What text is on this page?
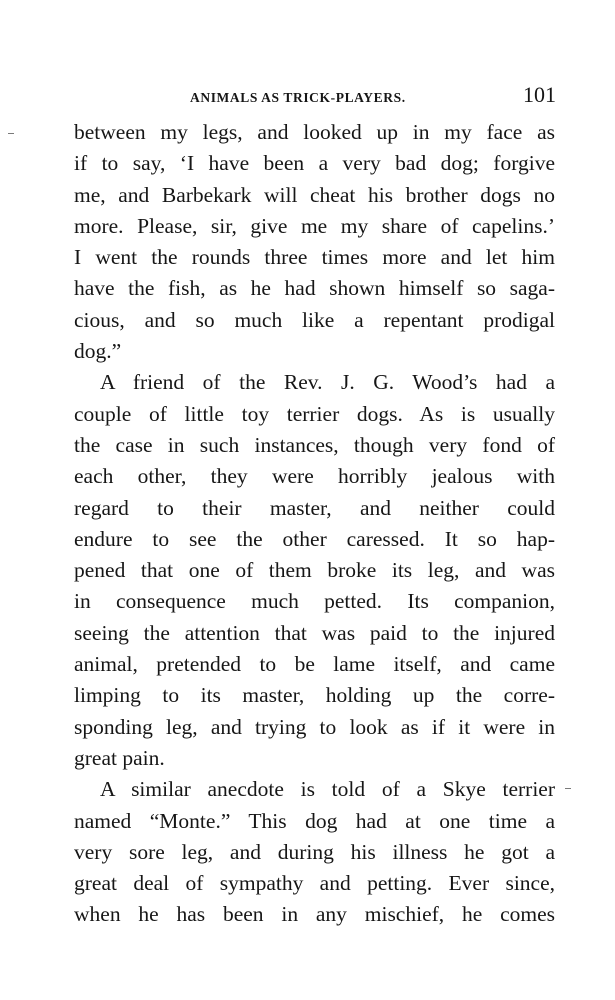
ANIMALS AS TRICK-PLAYERS.	101
between my legs, and looked up in my face as
if to say, ‘I have been a very bad dog; forgive
me, and Barbekark will cheat his brother dogs no
more. Please, sir, give me my share of capelins.’
I went the rounds three times more and let him
have the fish, as he had shown himself so saga-
cious, and so much like a repentant prodigal
dog.”
A friend of the Rev. J. G. Wood’s had a
couple of little toy terrier dogs. As is usually
the case in such instances, though very fond of
each other, they were horribly jealous with
regard to their master, and neither could
endure to see the other caressed. It so hap-
pened that one of them broke its leg, and was
in consequence much petted. Its companion,
seeing the attention that was paid to the injured
animal, pretended to be lame itself, and came
limping to its master, holding up the corre-
sponding leg, and trying to look as if it were in
great pain.
A similar anecdote is told of a Skye terrier
named “Monte.” This dog had at one time a
very sore leg, and during his illness he got a
great deal of sympathy and petting. Ever since,
when he has been in any mischief, he comes
